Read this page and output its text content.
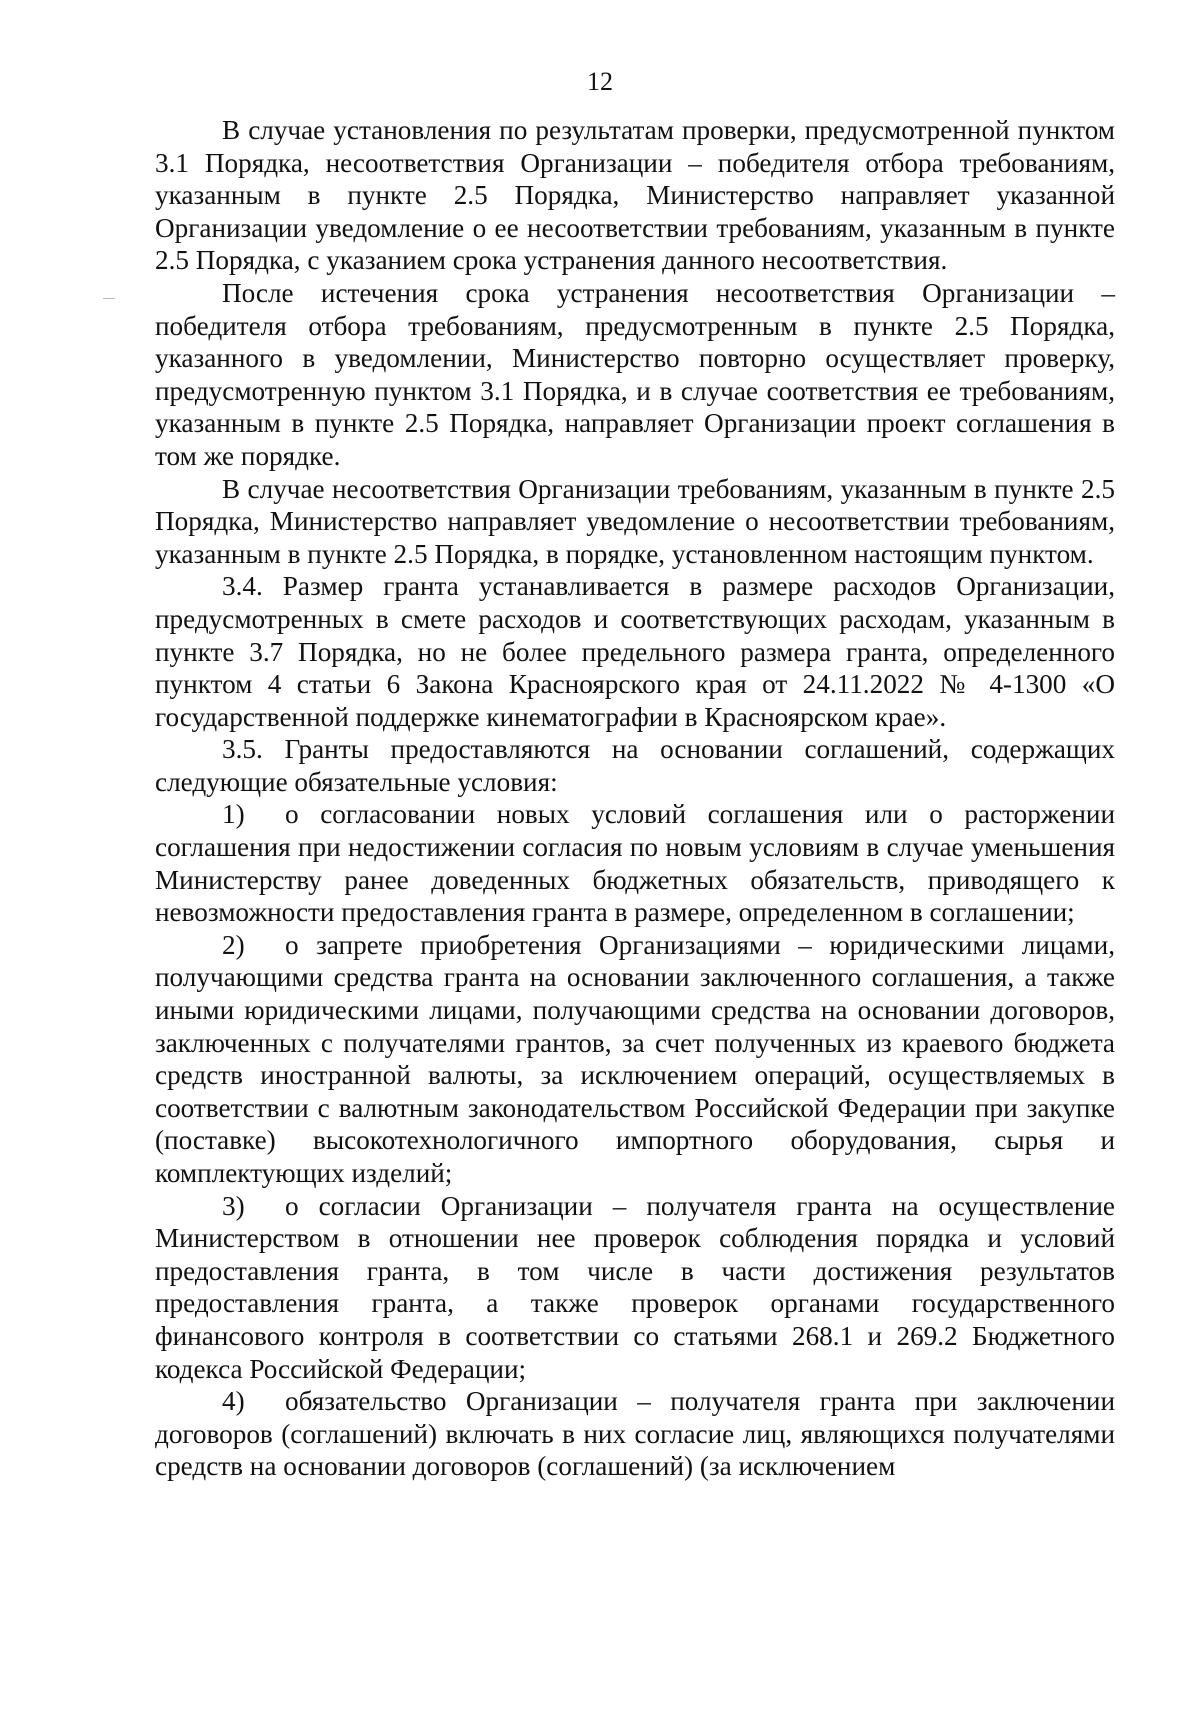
12

В случае установления по результатам проверки, предусмотренной пунктом 3.1 Порядка, несоответствия Организации – победителя отбора требованиям, указанным в пункте 2.5 Порядка, Министерство направляет указанной Организации уведомление о ее несоответствии требованиям, указанным в пункте 2.5 Порядка, с указанием срока устранения данного несоответствия.

После истечения срока устранения несоответствия Организации – победителя отбора требованиям, предусмотренным в пункте 2.5 Порядка, указанного в уведомлении, Министерство повторно осуществляет проверку, предусмотренную пунктом 3.1 Порядка, и в случае соответствия ее требованиям, указанным в пункте 2.5 Порядка, направляет Организации проект соглашения в том же порядке.

В случае несоответствия Организации требованиям, указанным в пункте 2.5 Порядка, Министерство направляет уведомление о несоответствии требованиям, указанным в пункте 2.5 Порядка, в порядке, установленном настоящим пунктом.

3.4. Размер гранта устанавливается в размере расходов Организации, предусмотренных в смете расходов и соответствующих расходам, указанным в пункте 3.7 Порядка, но не более предельного размера гранта, определенного пунктом 4 статьи 6 Закона Красноярского края от 24.11.2022 № 4-1300 «О государственной поддержке кинематографии в Красноярском крае».

3.5. Гранты предоставляются на основании соглашений, содержащих следующие обязательные условия:

1) о согласовании новых условий соглашения или о расторжении соглашения при недостижении согласия по новым условиям в случае уменьшения Министерству ранее доведенных бюджетных обязательств, приводящего к невозможности предоставления гранта в размере, определенном в соглашении;

2) о запрете приобретения Организациями – юридическими лицами, получающими средства гранта на основании заключенного соглашения, а также иными юридическими лицами, получающими средства на основании договоров, заключенных с получателями грантов, за счет полученных из краевого бюджета средств иностранной валюты, за исключением операций, осуществляемых в соответствии с валютным законодательством Российской Федерации при закупке (поставке) высокотехнологичного импортного оборудования, сырья и комплектующих изделий;

3) о согласии Организации – получателя гранта на осуществление Министерством в отношении нее проверок соблюдения порядка и условий предоставления гранта, в том числе в части достижения результатов предоставления гранта, а также проверок органами государственного финансового контроля в соответствии со статьями 268.1 и 269.2 Бюджетного кодекса Российской Федерации;

4) обязательство Организации – получателя гранта при заключении договоров (соглашений) включать в них согласие лиц, являющихся получателями средств на основании договоров (соглашений) (за исключением
